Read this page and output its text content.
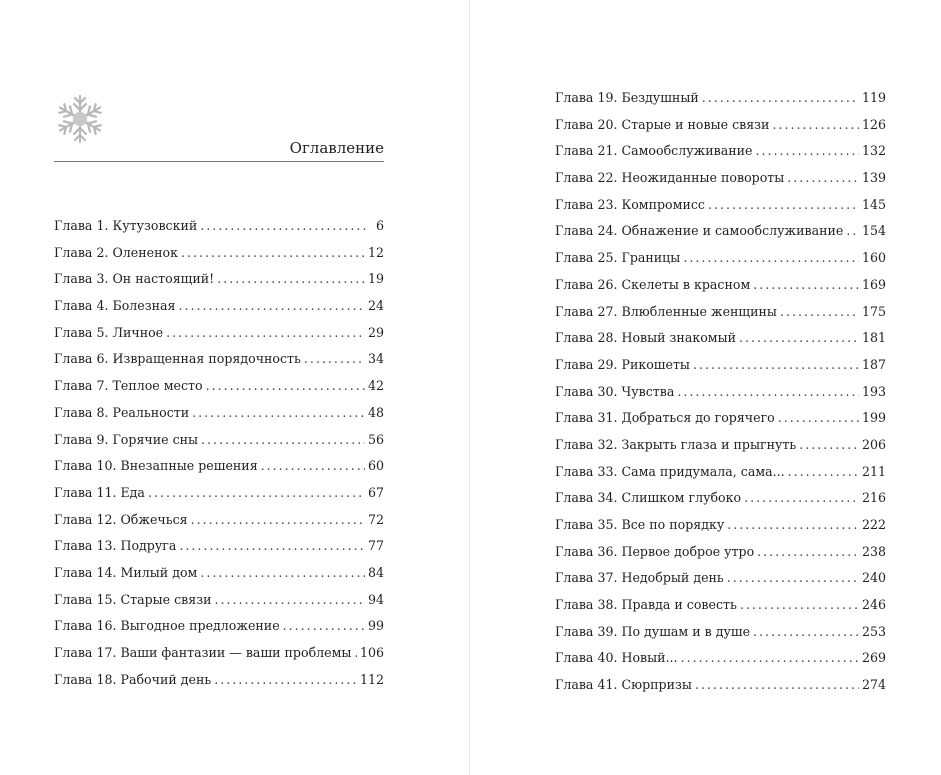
Оглавление
Глава 1. Кутузовский . . .	6
Глава 2. Олененок . . .	12
Глава 3. Он настоящий! . . .	19
Глава 4. Болезная . . .	24
Глава 5. Личное . . .	29
Глава 6. Извращенная порядочность . . .	34
Глава 7. Теплое место . . .	42
Глава 8. Реальности . . .	48
Глава 9. Горячие сны . . .	56
Глава 10. Внезапные решения . . .	60
Глава 11. Еда . . .	67
Глава 12. Обжечься . . .	72
Глава 13. Подруга . . .	77
Глава 14. Милый дом . . .	84
Глава 15. Старые связи . . .	94
Глава 16. Выгодное предложение . . .	99
Глава 17. Ваши фантазии — ваши проблемы . . . 106
Глава 18. Рабочий день . . .	112
Глава 19. Бездушный . . .	119
Глава 20. Старые и новые связи . . .	126
Глава 21. Самообслуживание . . .	132
Глава 22. Неожиданные повороты . . .	139
Глава 23. Компромисс . . .	145
Глава 24. Обнажение и самообслуживание . . . 154
Глава 25. Границы . . .	160
Глава 26. Скелеты в красном . . .	169
Глава 27. Влюбленные женщины . . .	175
Глава 28. Новый знакомый . . .	181
Глава 29. Рикошеты . . .	187
Глава 30. Чувства . . .	193
Глава 31. Добраться до горячего . . .	199
Глава 32. Закрыть глаза и прыгнуть . . .	206
Глава 33. Сама придумала, сама... . . .	211
Глава 34. Слишком глубоко . . .	216
Глава 35. Все по порядку . . .	222
Глава 36. Первое доброе утро . . .	238
Глава 37. Недобрый день . . .	240
Глава 38. Правда и совесть . . .	246
Глава 39. По душам и в душе . . .	253
Глава 40. Новый... . . .	269
Глава 41. Сюрпризы . . .	274
